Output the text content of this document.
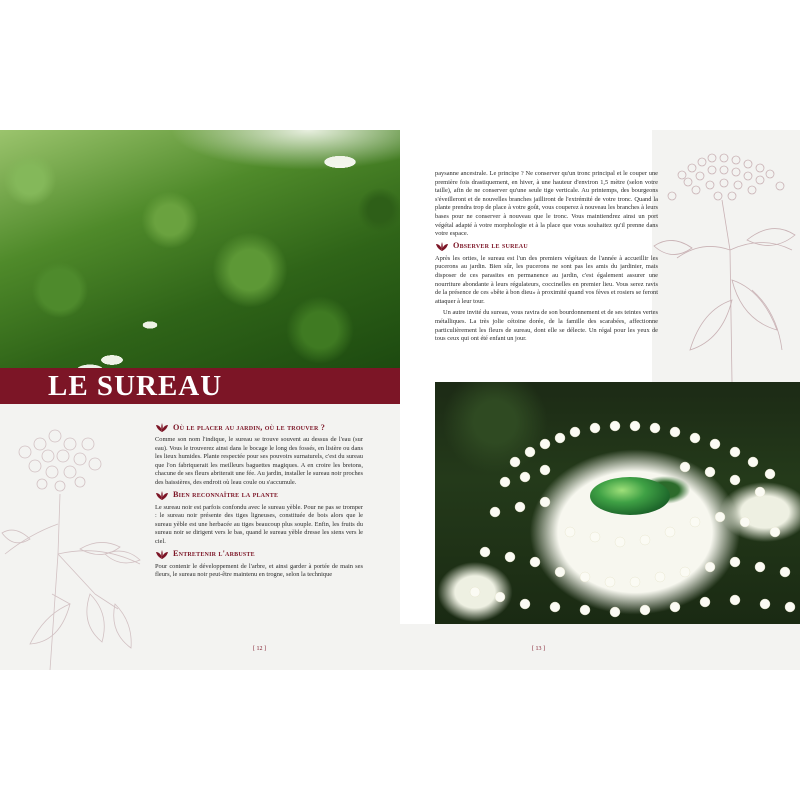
LE SUREAU
Où le placer au jardin, où le trouver ?

Comme son nom l'indique, le sureau se trouve souvent au dessus de l'eau (sur eau). Vous le trouverez ainsi dans le bocage le long des fossés, en lisière ou dans les lieux humides. Plante respectée pour ses pouvoirs surnaturels, c'est du sureau que l'on fabriquerait les meilleurs baguettes magiques. A en croire les bretons, chacune de ses fleurs abriterait une fée. Au jardin, installer le sureau noir proches des baissières, des endroit où leau coule ou s'accumule.

Bien reconnaître la plante

Le sureau noir est parfois confondu avec le sureau yèble. Pour ne pas se tromper : le sureau noir présente des tiges ligneuses, constituée de bois alors que le sureau yèble est une herbacée au tiges beaucoup plus souple. Enfin, les fruits du sureau noir se dirigent vers le bas, quand le sureau yèble dresse les siens vers le ciel.

Entretenir l'arbuste

Pour contenir le développement de l'arbre, et ainsi garder à portée de main ses fleurs, le sureau noir peut-être maintenu en trogne, selon la technique

[ 12 ]

paysanne ancestrale. Le principe ? Ne conserver qu'un tronc principal et le couper une première fois drastiquement, en hiver, à une hauteur d'environ 1,5 mètre (selon votre taille), afin de ne conserver qu'une seule tige verticale. Au printemps, des bourgeons s'éveilleront et de nouvelles branches jailliront de l'extrémité de votre tronc. Quand la plante prendra trop de place à votre goût, vous couperez à nouveau les branches à leurs bases pour ne conserver à nouveau que le tronc. Vous maintiendrez ainsi un port végétal adapté à votre morphologie et à la place que vous souhaitez qu'il prenne dans votre espace.

Observer le sureau

Après les orties, le sureau est l'un des premiers végétaux de l'année à accueillir les pucerons au jardin. Bien sûr, les pucerons ne sont pas les amis du jardinier, mais disposer de ces parasites en permanence au jardin, c'est également assurer une nourriture abondante à leurs régulateurs, coccinelles en premier lieu. Vous serez ravis de la présence de ces «bête à bon dieu» à proximité quand vos fèves et rosiers se feront attaquer à leur tour.

Un autre invité du sureau, vous ravira de son bourdonnement et de ses teintes vertes métalliques. La très jolie cétoine dorée, de la famille des scarabées, affectionne particulièrement les fleurs de sureau, dont elle se délecte. Un régal pour les yeux de tous ceux qui ont été enfant un jour.

[ 13 ]
